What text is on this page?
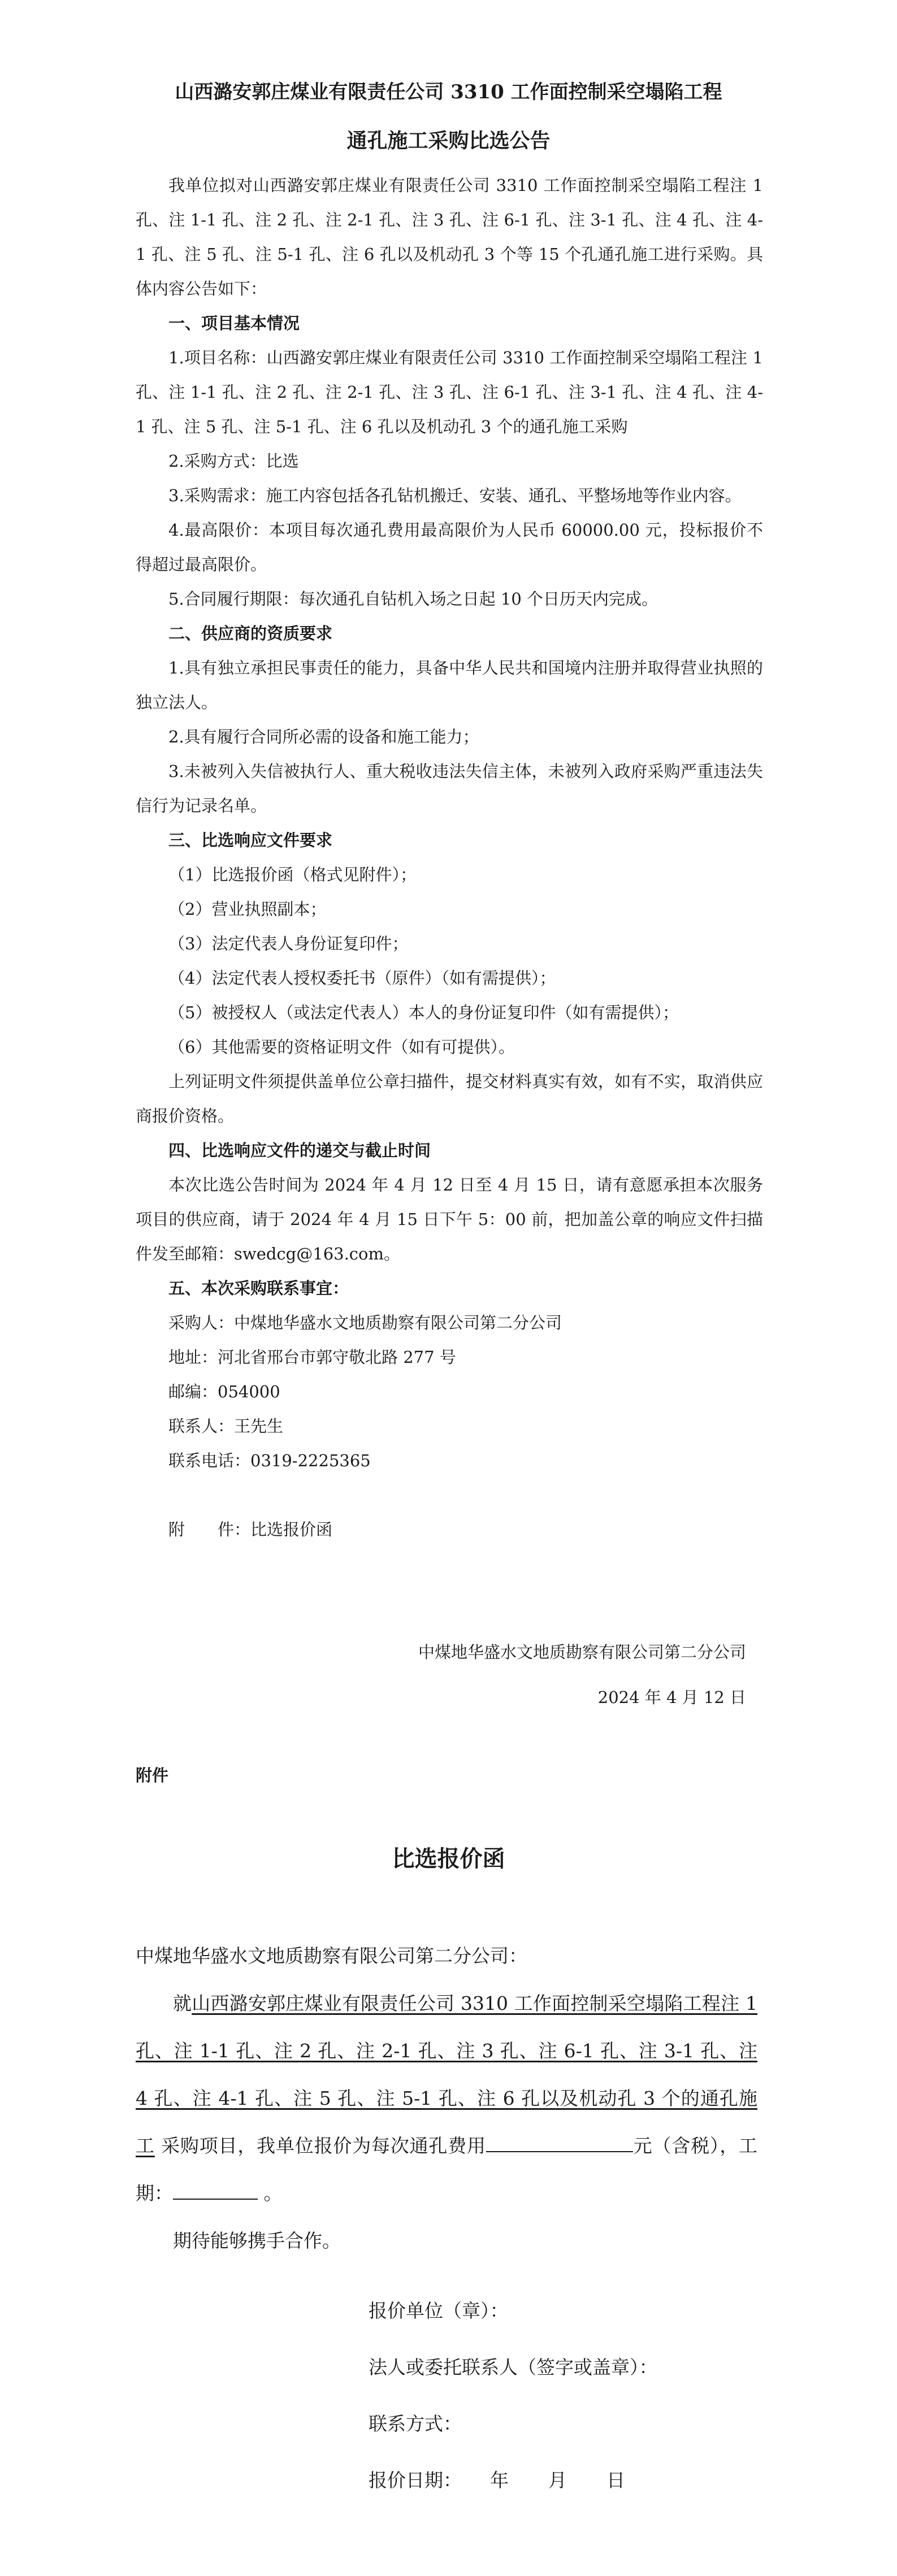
山西潞安郭庄煤业有限责任公司 3310 工作面控制采空塌陷工程
通孔施工采购比选公告

我单位拟对山西潞安郭庄煤业有限责任公司 3310 工作面控制采空塌陷工程注 1 孔、注 1-1 孔、注 2 孔、注 2-1 孔、注 3 孔、注 6-1 孔、注 3-1 孔、注 4 孔、注 4-1 孔、注 5 孔、注 5-1 孔、注 6 孔以及机动孔 3 个等 15 个孔通孔施工进行采购。具体内容公告如下：

一、项目基本情况

1.项目名称：山西潞安郭庄煤业有限责任公司 3310 工作面控制采空塌陷工程注 1 孔、注 1-1 孔、注 2 孔、注 2-1 孔、注 3 孔、注 6-1 孔、注 3-1 孔、注 4 孔、注 4-1 孔、注 5 孔、注 5-1 孔、注 6 孔以及机动孔 3 个的通孔施工采购

2.采购方式：比选

3.采购需求：施工内容包括各孔钻机搬迁、安装、通孔、平整场地等作业内容。

4.最高限价：本项目每次通孔费用最高限价为人民币 60000.00 元，投标报价不得超过最高限价。

5.合同履行期限：每次通孔自钻机入场之日起 10 个日历天内完成。

二、供应商的资质要求

1.具有独立承担民事责任的能力，具备中华人民共和国境内注册并取得营业执照的独立法人。

2.具有履行合同所必需的设备和施工能力；

3.未被列入失信被执行人、重大税收违法失信主体，未被列入政府采购严重违法失信行为记录名单。

三、比选响应文件要求

（1）比选报价函（格式见附件）；

（2）营业执照副本；

（3）法定代表人身份证复印件；

（4）法定代表人授权委托书（原件）（如有需提供）；

（5）被授权人（或法定代表人）本人的身份证复印件（如有需提供）；

（6）其他需要的资格证明文件（如有可提供）。

上列证明文件须提供盖单位公章扫描件，提交材料真实有效，如有不实，取消供应商报价资格。

四、比选响应文件的递交与截止时间

本次比选公告时间为 2024 年 4 月 12 日至 4 月 15 日，请有意愿承担本次服务项目的供应商，请于 2024 年 4 月 15 日下午 5：00 前，把加盖公章的响应文件扫描件发至邮箱：swedcg@163.com。

五、本次采购联系事宜：

采购人：中煤地华盛水文地质勘察有限公司第二分公司

地址：河北省邢台市郭守敬北路 277 号

邮编：054000

联系人：王先生

联系电话：0319-2225365

附　　件：比选报价函

中煤地华盛水文地质勘察有限公司第二分公司
2024 年 4 月 12 日
附件
比选报价函

中煤地华盛水文地质勘察有限公司第二分公司：

就山西潞安郭庄煤业有限责任公司 3310 工作面控制采空塌陷工程注 1 孔、注 1-1 孔、注 2 孔、注 2-1 孔、注 3 孔、注 6-1 孔、注 3-1 孔、注 4 孔、注 4-1 孔、注 5 孔、注 5-1 孔、注 6 孔以及机动孔 3 个的通孔施工 采购项目，我单位报价为每次通孔费用	元（含税），工期：	。

期待能够携手合作。

报价单位（章）：
法人或委托联系人（签字或盖章）：
联系方式：
报价日期： 年 月 日
